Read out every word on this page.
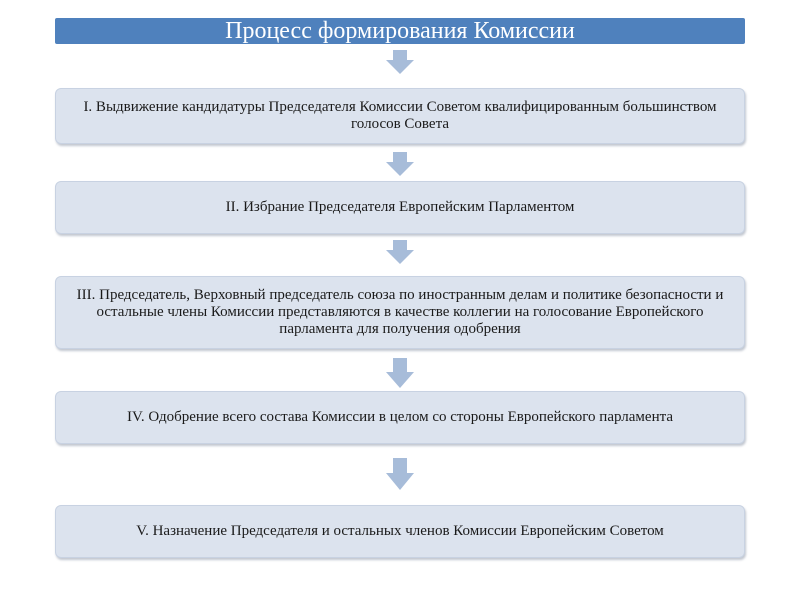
Процесс формирования Комиссии
I. Выдвижение кандидатуры Председателя Комиссии Советом квалифицированным большинством голосов Совета
II. Избрание Председателя Европейским Парламентом
III. Председатель, Верховный председатель союза по иностранным делам и политике безопасности и остальные члены Комиссии представляются в качестве коллегии на голосование Европейского парламента для получения одобрения
IV. Одобрение всего состава Комиссии в целом со стороны Европейского парламента
V. Назначение Председателя и остальных членов Комиссии Европейским Советом
